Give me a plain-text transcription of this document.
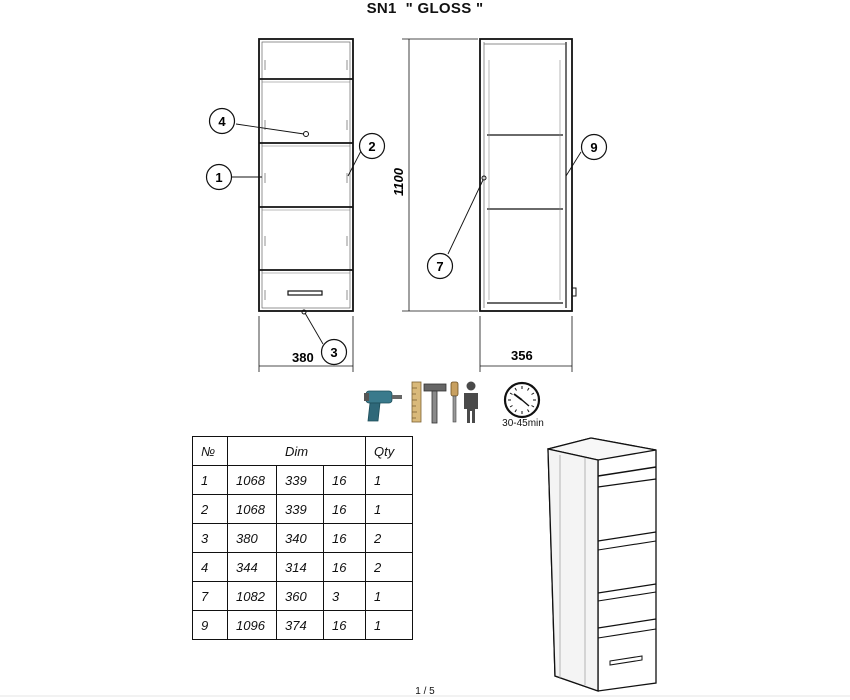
SN1  " GLOSS "
380	356
1100
4
1
2
3
7
9
30-45min
№	Dim			Qty
1	1068	339	16	1
2	1068	339	16	1
3	380	340	16	2
4	344	314	16	2
7	1082	360	3	1
9	1096	374	16	1
1 / 5
